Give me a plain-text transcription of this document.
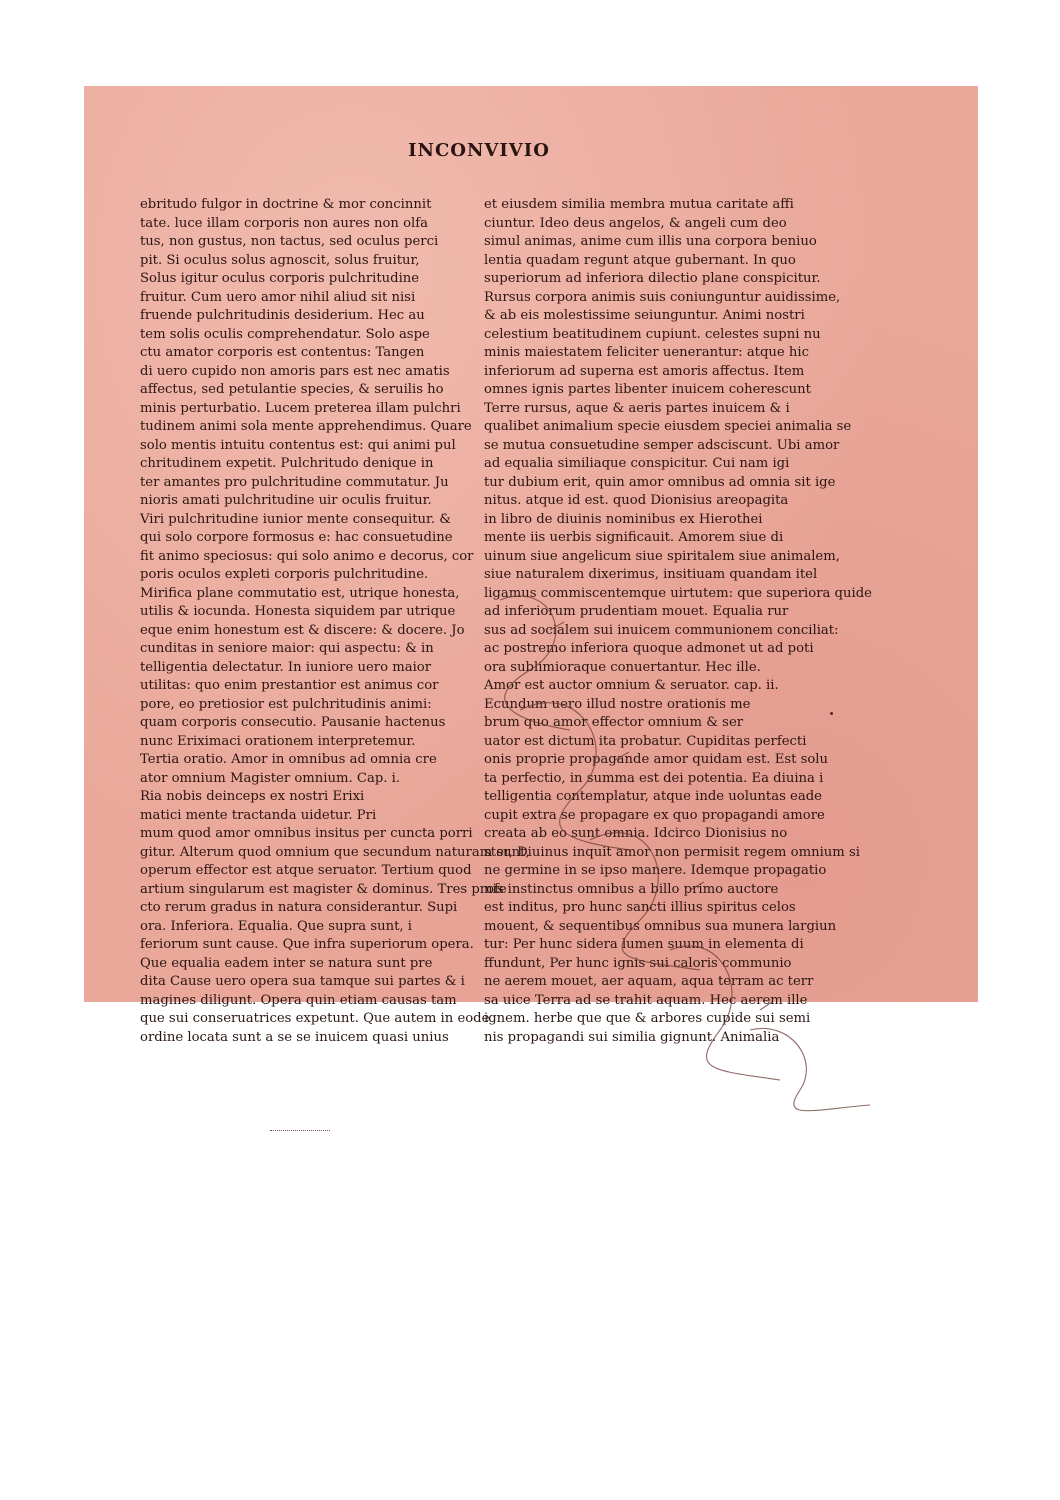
INCONVIVIO
ebritudo fulgor in doctrine & mor concinnit
tate. luce illam corporis non aures non olfa
tus, non gustus, non tactus, sed oculus perci
pit. Si oculus solus agnoscit, solus fruitur,
Solus igitur oculus corporis pulchritudine
fruitur. Cum uero amor nihil aliud sit nisi
fruende pulchritudinis desiderium. Hec au
tem solis oculis comprehendatur. Solo aspe
ctu amator corporis est contentus: Tangen
di uero cupido non amoris pars est nec amatis
affectus, sed petulantie species, & seruilis ho
minis perturbatio. Lucem preterea illam pulchri
tudinem animi sola mente apprehendimus. Quare
solo mentis intuitu contentus est: qui animi pul
chritudinem expetit. Pulchritudo denique in
ter amantes pro pulchritudine commutatur. Ju
nioris amati pulchritudine uir oculis fruitur.
Viri pulchritudine iunior mente consequitur. &
qui solo corpore formosus e: hac consuetudine
fit animo speciosus: qui solo animo e decorus, cor
poris oculos expleti corporis pulchritudine.
Mirifica plane commutatio est, utrique honesta,
utilis & iocunda. Honesta siquidem par utrique
eque enim honestum est & discere: & docere. Jo
cunditas in seniore maior: qui aspectu: & in
telligentia delectatur. In iuniore uero maior
utilitas: quo enim prestantior est animus cor
pore, eo pretiosior est pulchritudinis animi:
quam corporis consecutio. Pausanie hactenus
nunc Eriximaci orationem interpretemur.
Tertia oratio. Amor in omnibus ad omnia cre
ator omnium Magister omnium. Cap. i.
Ria nobis deinceps ex nostri Erixi
matici mente tractanda uidetur. Pri
mum quod amor omnibus insitus per cuncta porri
gitur. Alterum quod omnium que secundum naturam sunt,
operum effector est atque seruator. Tertium quod
artium singularum est magister & dominus. Tres profe
cto rerum gradus in natura considerantur. Supi
ora. Inferiora. Equalia. Que supra sunt, i
feriorum sunt cause. Que infra superiorum opera.
Que equalia eadem inter se natura sunt pre
dita Cause uero opera sua tamque sui partes & i
magines diligunt. Opera quin etiam causas tam
que sui conseruatrices expetunt. Que autem in eode
ordine locata sunt a se se inuicem quasi unius
et eiusdem similia membra mutua caritate affi
ciuntur. Ideo deus angelos, & angeli cum deo
simul animas, anime cum illis una corpora beniuo
lentia quadam regunt atque gubernant. In quo
superiorum ad inferiora dilectio plane conspicitur.
Rursus corpora animis suis coniunguntur auidissime,
& ab eis molestissime seiunguntur. Animi nostri
celestium beatitudinem cupiunt. celestes supni nu
minis maiestatem feliciter uenerantur: atque hic
inferiorum ad superna est amoris affectus. Item
omnes ignis partes libenter inuicem coherescunt
Terre rursus, aque & aeris partes inuicem & i
qualibet animalium specie eiusdem speciei animalia se
se mutua consuetudine semper adsciscunt. Ubi amor
ad equalia similiaque conspicitur. Cui nam igi
tur dubium erit, quin amor omnibus ad omnia sit ige
nitus. atque id est. quod Dionisius areopagita
in libro de diuinis nominibus ex Hierothei
mente iis uerbis significauit. Amorem siue di
uinum siue angelicum siue spiritalem siue animalem,
siue naturalem dixerimus, insitiuam quandam itel
ligamus commiscentemque uirtutem: que superiora quide
ad inferiorum prudentiam mouet. Equalia rur
sus ad socialem sui inuicem communionem conciliat:
ac postremo inferiora quoque admonet ut ad poti
ora sublimioraque conuertantur. Hec ille.
Amor est auctor omnium & seruator. cap. ii.
Ecundum uero illud nostre orationis me
brum quo amor effector omnium & ser
uator est dictum ita probatur. Cupiditas perfecti
onis proprie propagande amor quidam est. Est solu
ta perfectio, in summa est dei potentia. Ea diuina i
telligentia contemplatur, atque inde uoluntas eade
cupit extra se propagare ex quo propagandi amore
creata ab eo sunt omnia. Idcirco Dionisius no
ster, Diuinus inquit amor non permisit regem omnium si
ne germine in se ipso manere. Idemque propagatio
nis instinctus omnibus a billo primo auctore
est inditus, pro hunc sancti illius spiritus celos
mouent, & sequentibus omnibus sua munera largiun
tur: Per hunc sidera lumen suum in elementa di
ffundunt, Per hunc ignis sui caloris communio
ne aerem mouet, aer aquam, aqua terram ac terr
sa uice Terra ad se trahit aquam. Hec aerem ille
ignem. herbe que que & arbores cupide sui semi
nis propagandi sui similia gignunt. Animalia
